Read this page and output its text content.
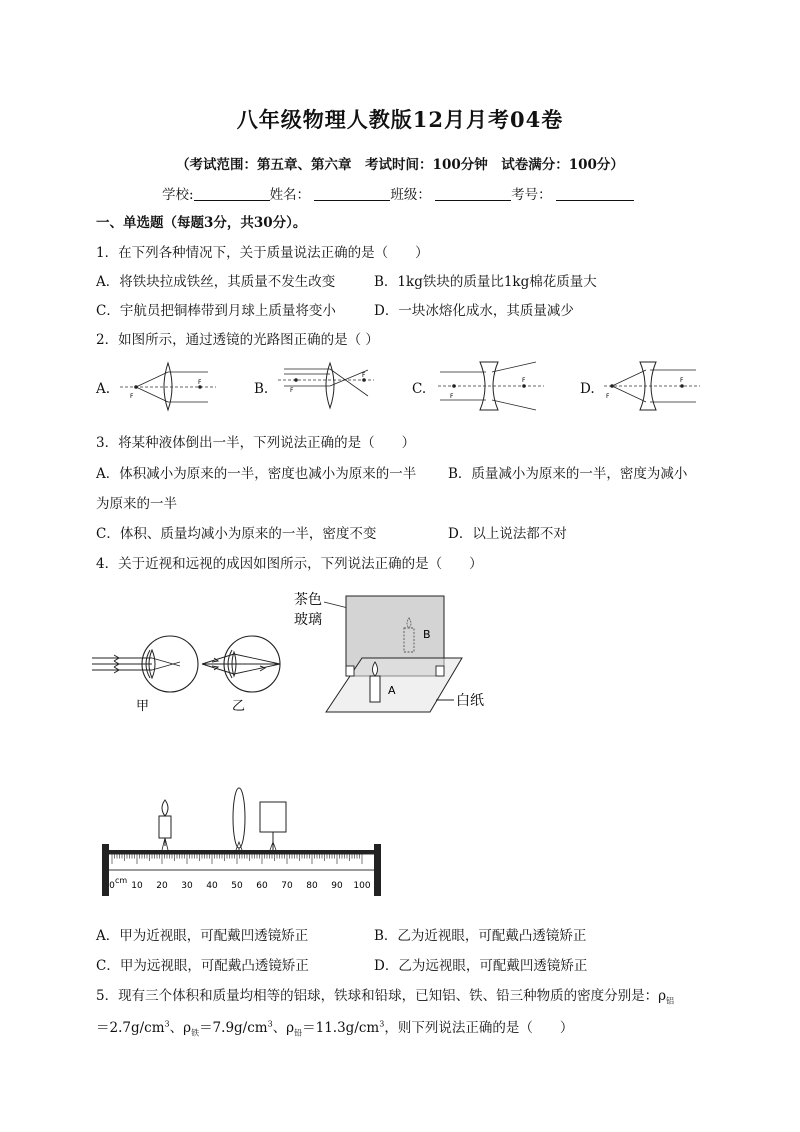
八年级物理人教版12月月考04卷
（考试范围：第五章、第六章　考试时间：100分钟　试卷满分：100分）
学校:	姓名：	班级：	考号：
一、单选题（每题3分，共30分）。
1．在下列各种情况下，关于质量说法正确的是（　　）
A．将铁块拉成铁丝，其质量不发生改变	B．1kg铁块的质量比1kg棉花质量大
C．宇航员把铜棒带到月球上质量将变小	D．一块冰熔化成水，其质量减少
2．如图所示，通过透镜的光路图正确的是（ ）
A.	B.	C.	D.
F
F
F
F
F
F
F
F
3．将某种液体倒出一半，下列说法正确的是（　　）
A．体积减小为原来的一半，密度也减小为原来的一半 B．质量减小为原来的一半，密度为减小
为原来的一半
C．体积、质量均减小为原来的一半，密度不变	D．以上说法都不对
4．关于近视和远视的成因如图所示，下列说法正确的是（　　）
甲	乙
茶色
玻璃
B
A
白纸
0 10 20 30 40 50 60 70 80 90 100
cm
A．甲为近视眼，可配戴凹透镜矫正	B．乙为近视眼，可配戴凸透镜矫正
C．甲为远视眼，可配戴凸透镜矫正	D．乙为远视眼，可配戴凹透镜矫正
5．现有三个体积和质量均相等的铝球，铁球和铅球，已知铝、铁、铅三种物质的密度分别是：$\rho_铝$
$=2.7g/cm^3$、$\rho_铁=7.9g/cm^3$、$\rho_铅=11.3g/cm^3$，则下列说法正确的是（　　）
